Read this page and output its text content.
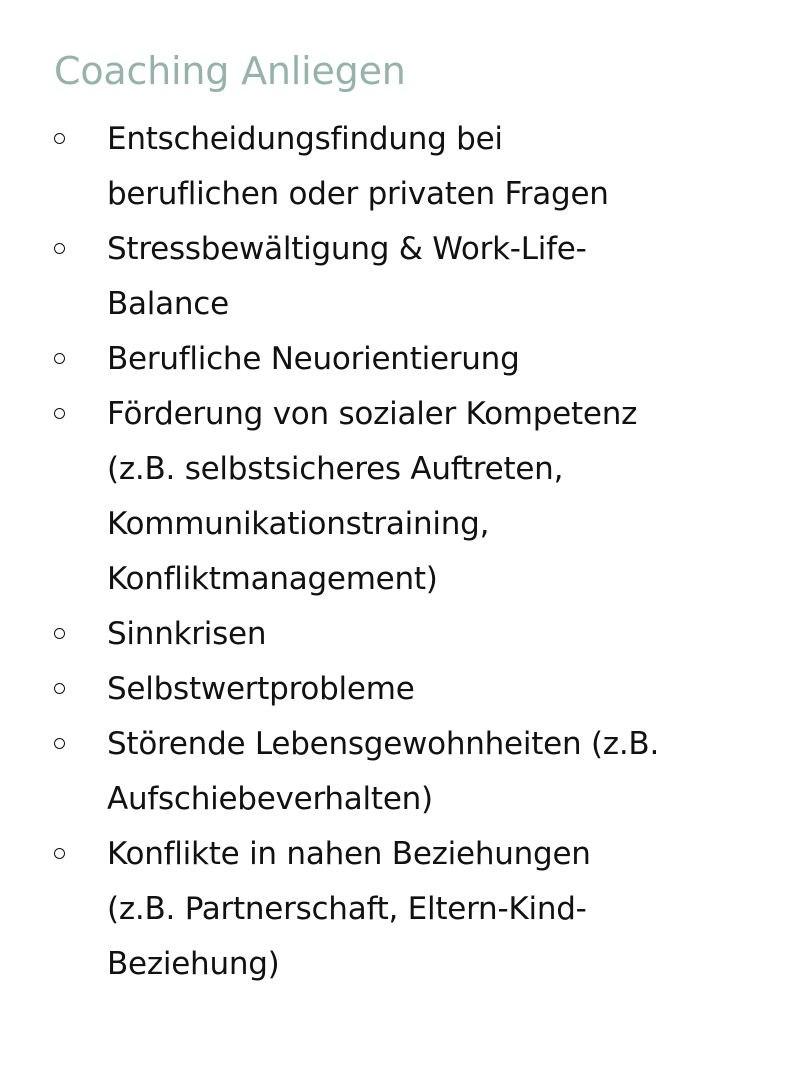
Coaching Anliegen
Entscheidungsfindung bei
beruflichen oder privaten Fragen
Stressbewältigung & Work-Life-
Balance
Berufliche Neuorientierung
Förderung von sozialer Kompetenz
(z.B. selbstsicheres Auftreten,
Kommunikationstraining,
Konfliktmanagement)
Sinnkrisen
Selbstwertprobleme
Störende Lebensgewohnheiten (z.B.
Aufschiebeverhalten)
Konflikte in nahen Beziehungen
(z.B. Partnerschaft, Eltern-Kind-
Beziehung)
